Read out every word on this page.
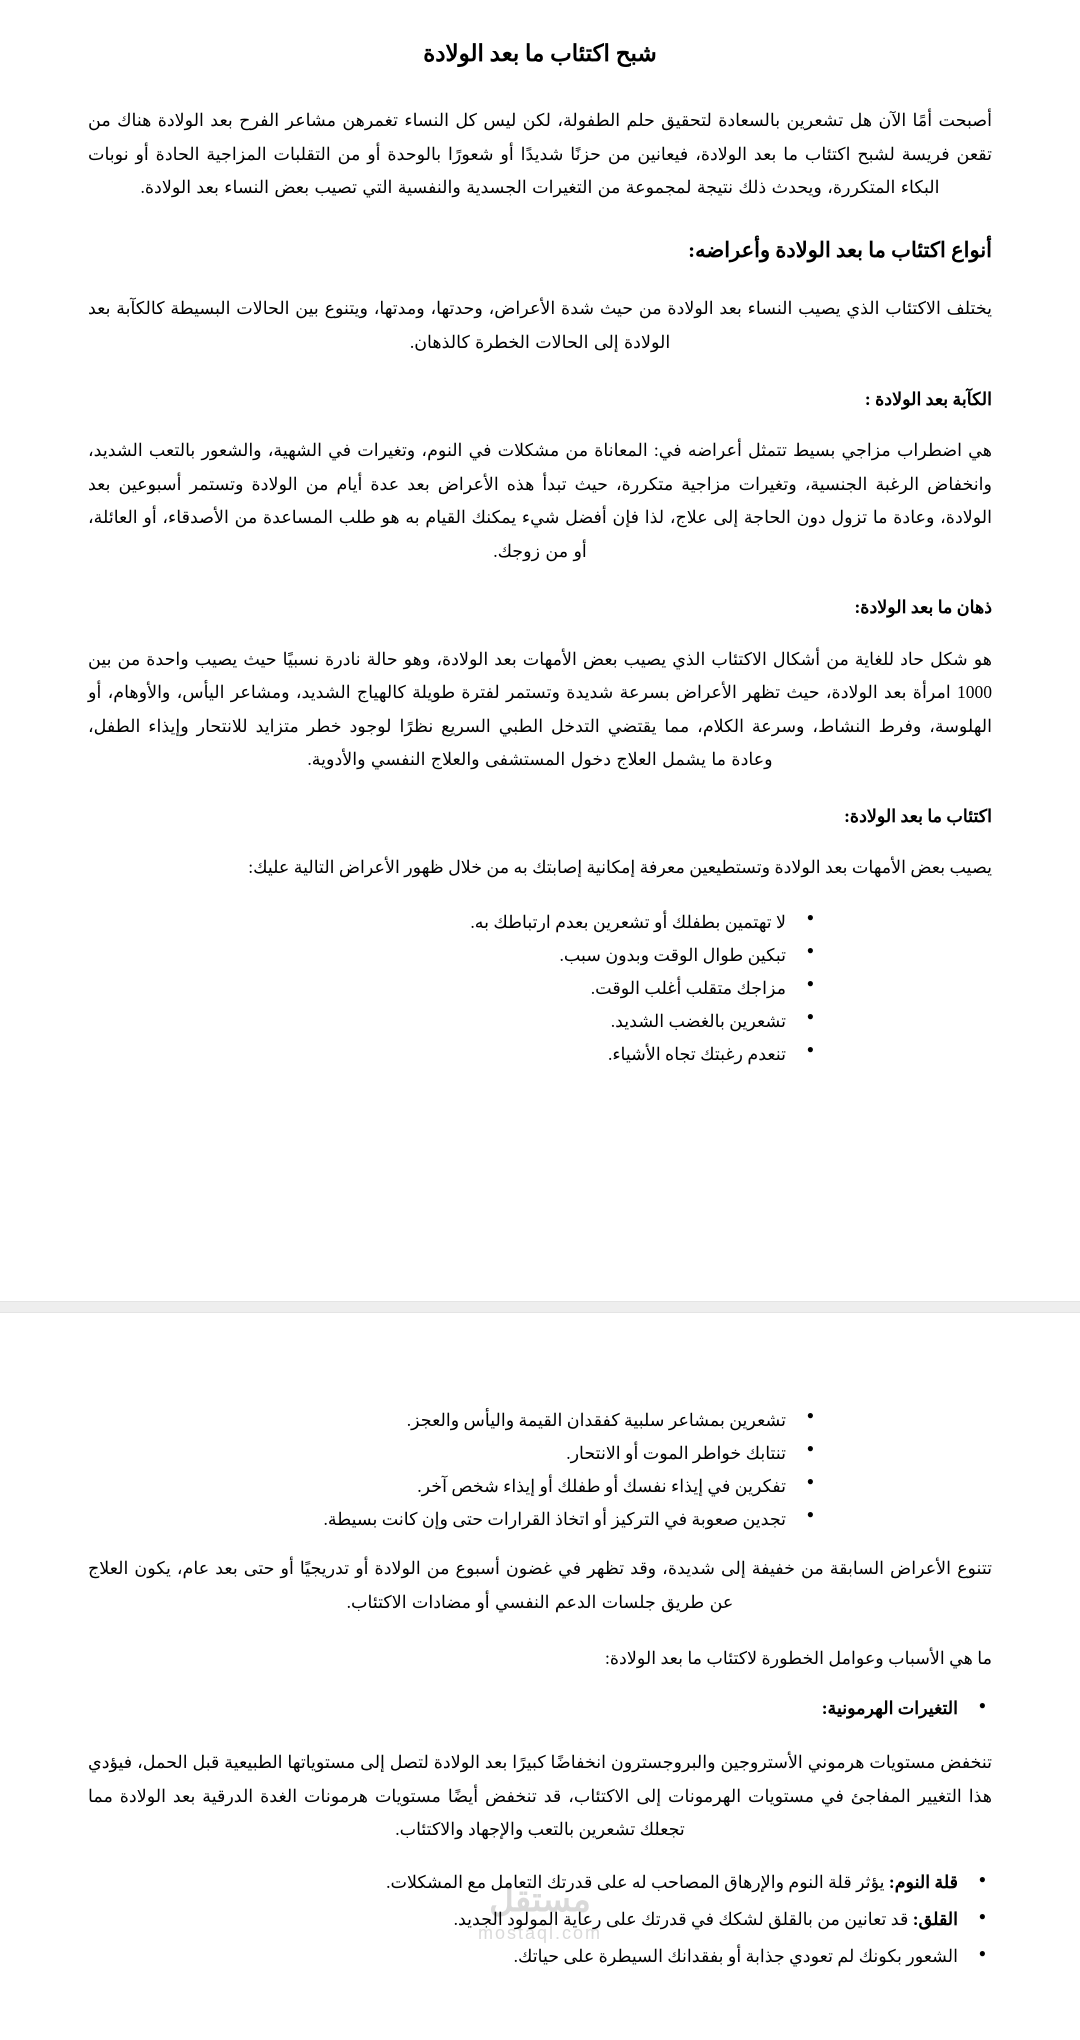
شبح اكتئاب ما بعد الولادة

أصبحت أمًا الآن هل تشعرين بالسعادة لتحقيق حلم الطفولة، لكن ليس كل النساء تغمرهن مشاعر الفرح بعد الولادة هناك من تقعن فريسة لشبح اكتئاب ما بعد الولادة، فيعانين من حزنًا شديدًا أو شعورًا بالوحدة أو من التقلبات المزاجية الحادة أو نوبات البكاء المتكررة، ويحدث ذلك نتيجة لمجموعة من التغيرات الجسدية والنفسية التي تصيب بعض النساء بعد الولادة.

أنواع اكتئاب ما بعد الولادة وأعراضه:

يختلف الاكتئاب الذي يصيب النساء بعد الولادة من حيث شدة الأعراض، وحدتها، ومدتها، ويتنوع بين الحالات البسيطة كالكآبة بعد الولادة إلى الحالات الخطرة كالذهان.

الكآبة بعد الولادة :

هي اضطراب مزاجي بسيط تتمثل أعراضه في: المعاناة من مشكلات في النوم، وتغيرات في الشهية، والشعور بالتعب الشديد، وانخفاض الرغبة الجنسية، وتغيرات مزاجية متكررة، حيث تبدأ هذه الأعراض بعد عدة أيام من الولادة وتستمر أسبوعين بعد الولادة، وعادة ما تزول دون الحاجة إلى علاج، لذا فإن أفضل شيء يمكنك القيام به هو طلب المساعدة من الأصدقاء، أو العائلة، أو من زوجك.

ذهان ما بعد الولادة:

هو شكل حاد للغاية من أشكال الاكتئاب الذي يصيب بعض الأمهات بعد الولادة، وهو حالة نادرة نسبيًا حيث يصيب واحدة من بين 1000 امرأة بعد الولادة، حيث تظهر الأعراض بسرعة شديدة وتستمر لفترة طويلة كالهياج الشديد، ومشاعر اليأس، والأوهام، أو الهلوسة، وفرط النشاط، وسرعة الكلام، مما يقتضي التدخل الطبي السريع نظرًا لوجود خطر متزايد للانتحار وإيذاء الطفل، وعادة ما يشمل العلاج دخول المستشفى والعلاج النفسي والأدوية.

اكتئاب ما بعد الولادة:

يصيب بعض الأمهات بعد الولادة وتستطيعين معرفة إمكانية إصابتك به من خلال ظهور الأعراض التالية عليك:

● لا تهتمين بطفلك أو تشعرين بعدم ارتباطك به.
● تبكين طوال الوقت وبدون سبب.
● مزاجك متقلب أغلب الوقت.
● تشعرين بالغضب الشديد.
● تنعدم رغبتك تجاه الأشياء.
مستقل
mostaql.com
● تشعرين بمشاعر سلبية كفقدان القيمة واليأس والعجز.
● تنتابك خواطر الموت أو الانتحار.
● تفكرين في إيذاء نفسك أو طفلك أو إيذاء شخص آخر.
● تجدين صعوبة في التركيز أو اتخاذ القرارات حتى وإن كانت بسيطة.

تتنوع الأعراض السابقة من خفيفة إلى شديدة، وقد تظهر في غضون أسبوع من الولادة أو تدريجيًا أو حتى بعد عام، يكون العلاج عن طريق جلسات الدعم النفسي أو مضادات الاكتئاب.

ما هي الأسباب وعوامل الخطورة لاكتئاب ما بعد الولادة:

● التغيرات الهرمونية:

تنخفض مستويات هرموني الأستروجين والبروجسترون انخفاضًا كبيرًا بعد الولادة لتصل إلى مستوياتها الطبيعية قبل الحمل، فيؤدي هذا التغيير المفاجئ في مستويات الهرمونات إلى الاكتئاب، قد تنخفض أيضًا مستويات هرمونات الغدة الدرقية بعد الولادة مما تجعلك تشعرين بالتعب والإجهاد والاكتئاب.

● قلة النوم: يؤثر قلة النوم والإرهاق المصاحب له على قدرتك التعامل مع المشكلات.
● القلق: قد تعانين من بالقلق لشكك في قدرتك على رعاية المولود الجديد.
● الشعور بكونك لم تعودي جذابة أو بفقدانك السيطرة على حياتك.
